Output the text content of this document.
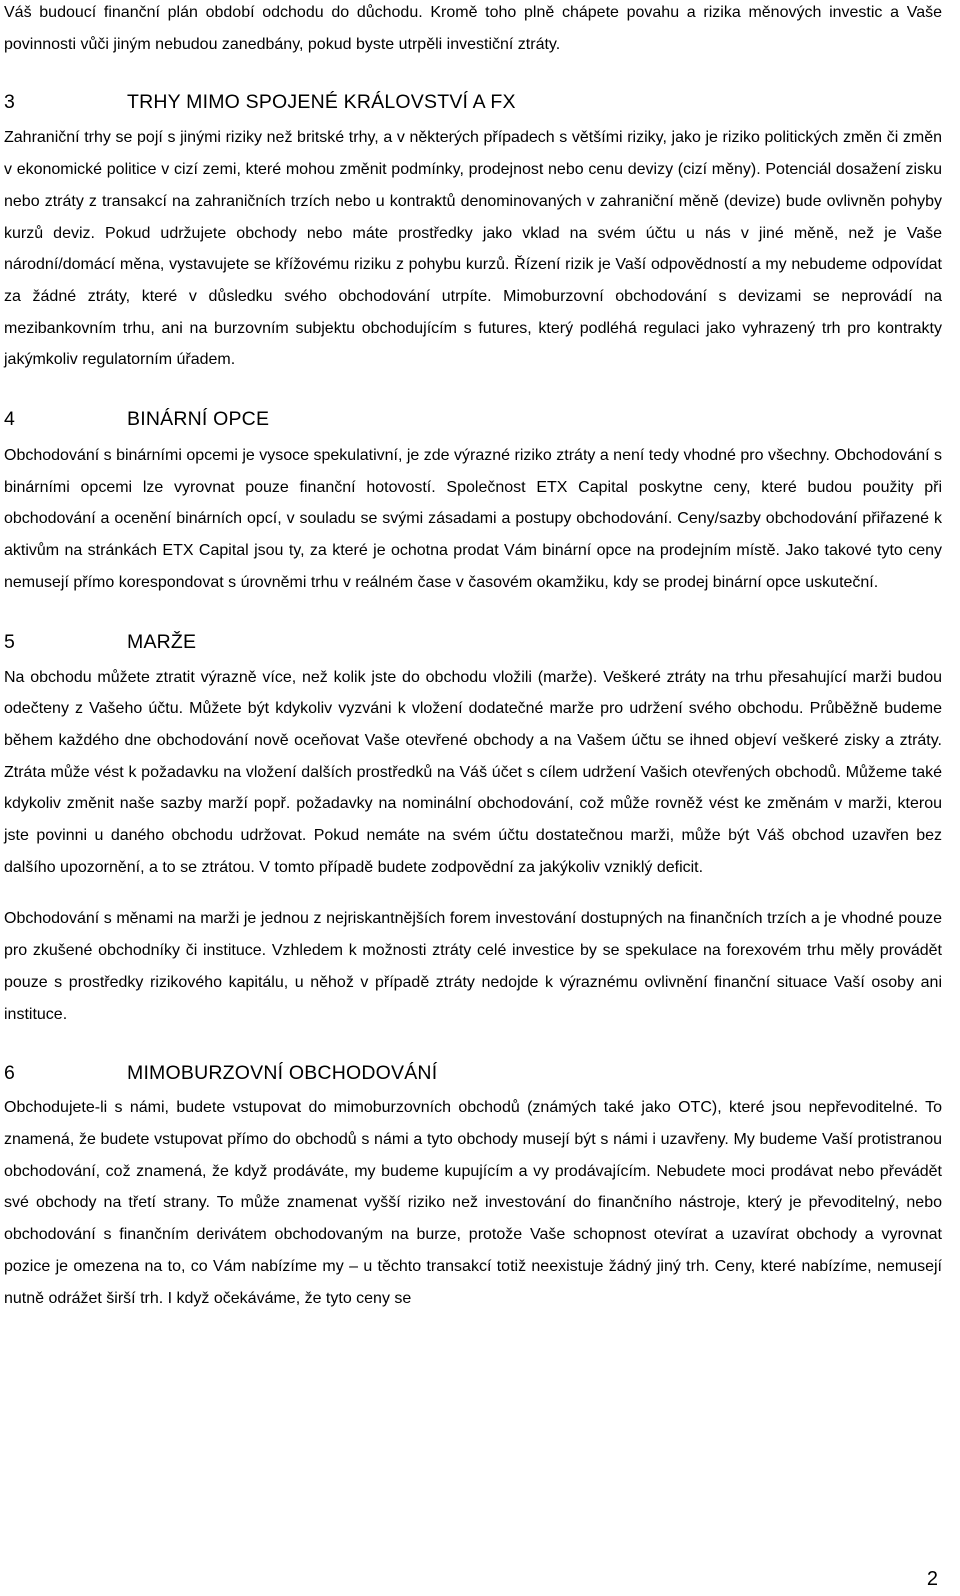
Váš budoucí finanční plán období odchodu do důchodu. Kromě toho plně chápete povahu a rizika měnových investic a Vaše povinnosti vůči jiným nebudou zanedbány, pokud byste utrpěli investiční ztráty.

3	TRHY MIMO SPOJENÉ KRÁLOVSTVÍ A FX

Zahraniční trhy se pojí s jinými riziky než britské trhy, a v některých případech s většími riziky, jako je riziko politických změn či změn v ekonomické politice v cizí zemi, které mohou změnit podmínky, prodejnost nebo cenu devizy (cizí měny). Potenciál dosažení zisku nebo ztráty z transakcí na zahraničních trzích nebo u kontraktů denominovaných v zahraniční měně (devize) bude ovlivněn pohyby kurzů deviz. Pokud udržujete obchody nebo máte prostředky jako vklad na svém účtu u nás v jiné měně, než je Vaše národní/domácí měna, vystavujete se křížovému riziku z pohybu kurzů. Řízení rizik je Vaší odpovědností a my nebudeme odpovídat za žádné ztráty, které v důsledku svého obchodování utrpíte. Mimoburzovní obchodování s devizami se neprovádí na mezibankovním trhu, ani na burzovním subjektu obchodujícím s futures, který podléhá regulaci jako vyhrazený trh pro kontrakty jakýmkoliv regulatorním úřadem.

4	BINÁRNÍ OPCE

Obchodování s binárními opcemi je vysoce spekulativní, je zde výrazné riziko ztráty a není tedy vhodné pro všechny. Obchodování s binárními opcemi lze vyrovnat pouze finanční hotovostí. Společnost ETX Capital poskytne ceny, které budou použity při obchodování a ocenění binárních opcí, v souladu se svými zásadami a postupy obchodování. Ceny/sazby obchodování přiřazené k aktivům na stránkách ETX Capital jsou ty, za které je ochotna prodat Vám binární opce na prodejním místě. Jako takové tyto ceny nemusejí přímo korespondovat s úrovněmi trhu v reálném čase v časovém okamžiku, kdy se prodej binární opce uskuteční.

5	MARŽE

Na obchodu můžete ztratit výrazně více, než kolik jste do obchodu vložili (marže). Veškeré ztráty na trhu přesahující marži budou odečteny z Vašeho účtu. Můžete být kdykoliv vyzváni k vložení dodatečné marže pro udržení svého obchodu. Průběžně budeme během každého dne obchodování nově oceňovat Vaše otevřené obchody a na Vašem účtu se ihned objeví veškeré zisky a ztráty. Ztráta může vést k požadavku na vložení dalších prostředků na Váš účet s cílem udržení Vašich otevřených obchodů. Můžeme také kdykoliv změnit naše sazby marží popř. požadavky na nominální obchodování, což může rovněž vést ke změnám v marži, kterou jste povinni u daného obchodu udržovat. Pokud nemáte na svém účtu dostatečnou marži, může být Váš obchod uzavřen bez dalšího upozornění, a to se ztrátou. V tomto případě budete zodpovědní za jakýkoliv vzniklý deficit.

Obchodování s měnami na marži je jednou z nejriskantnějších forem investování dostupných na finančních trzích a je vhodné pouze pro zkušené obchodníky či instituce. Vzhledem k možnosti ztráty celé investice by se spekulace na forexovém trhu měly provádět pouze s prostředky rizikového kapitálu, u něhož v případě ztráty nedojde k výraznému ovlivnění finanční situace Vaší osoby ani instituce.

6	MIMOBURZOVNÍ OBCHODOVÁNÍ

Obchodujete-li s námi, budete vstupovat do mimoburzovních obchodů (známých také jako OTC), které jsou nepřevoditelné. To znamená, že budete vstupovat přímo do obchodů s námi a tyto obchody musejí být s námi i uzavřeny. My budeme Vaší protistranou obchodování, což znamená, že když prodáváte, my budeme kupujícím a vy prodávajícím. Nebudete moci prodávat nebo převádět své obchody na třetí strany. To může znamenat vyšší riziko než investování do finančního nástroje, který je převoditelný, nebo obchodování s finančním derivátem obchodovaným na burze, protože Vaše schopnost otevírat a uzavírat obchody a vyrovnat pozice je omezena na to, co Vám nabízíme my – u těchto transakcí totiž neexistuje žádný jiný trh. Ceny, které nabízíme, nemusejí nutně odrážet širší trh. I když očekáváme, že tyto ceny se

2
